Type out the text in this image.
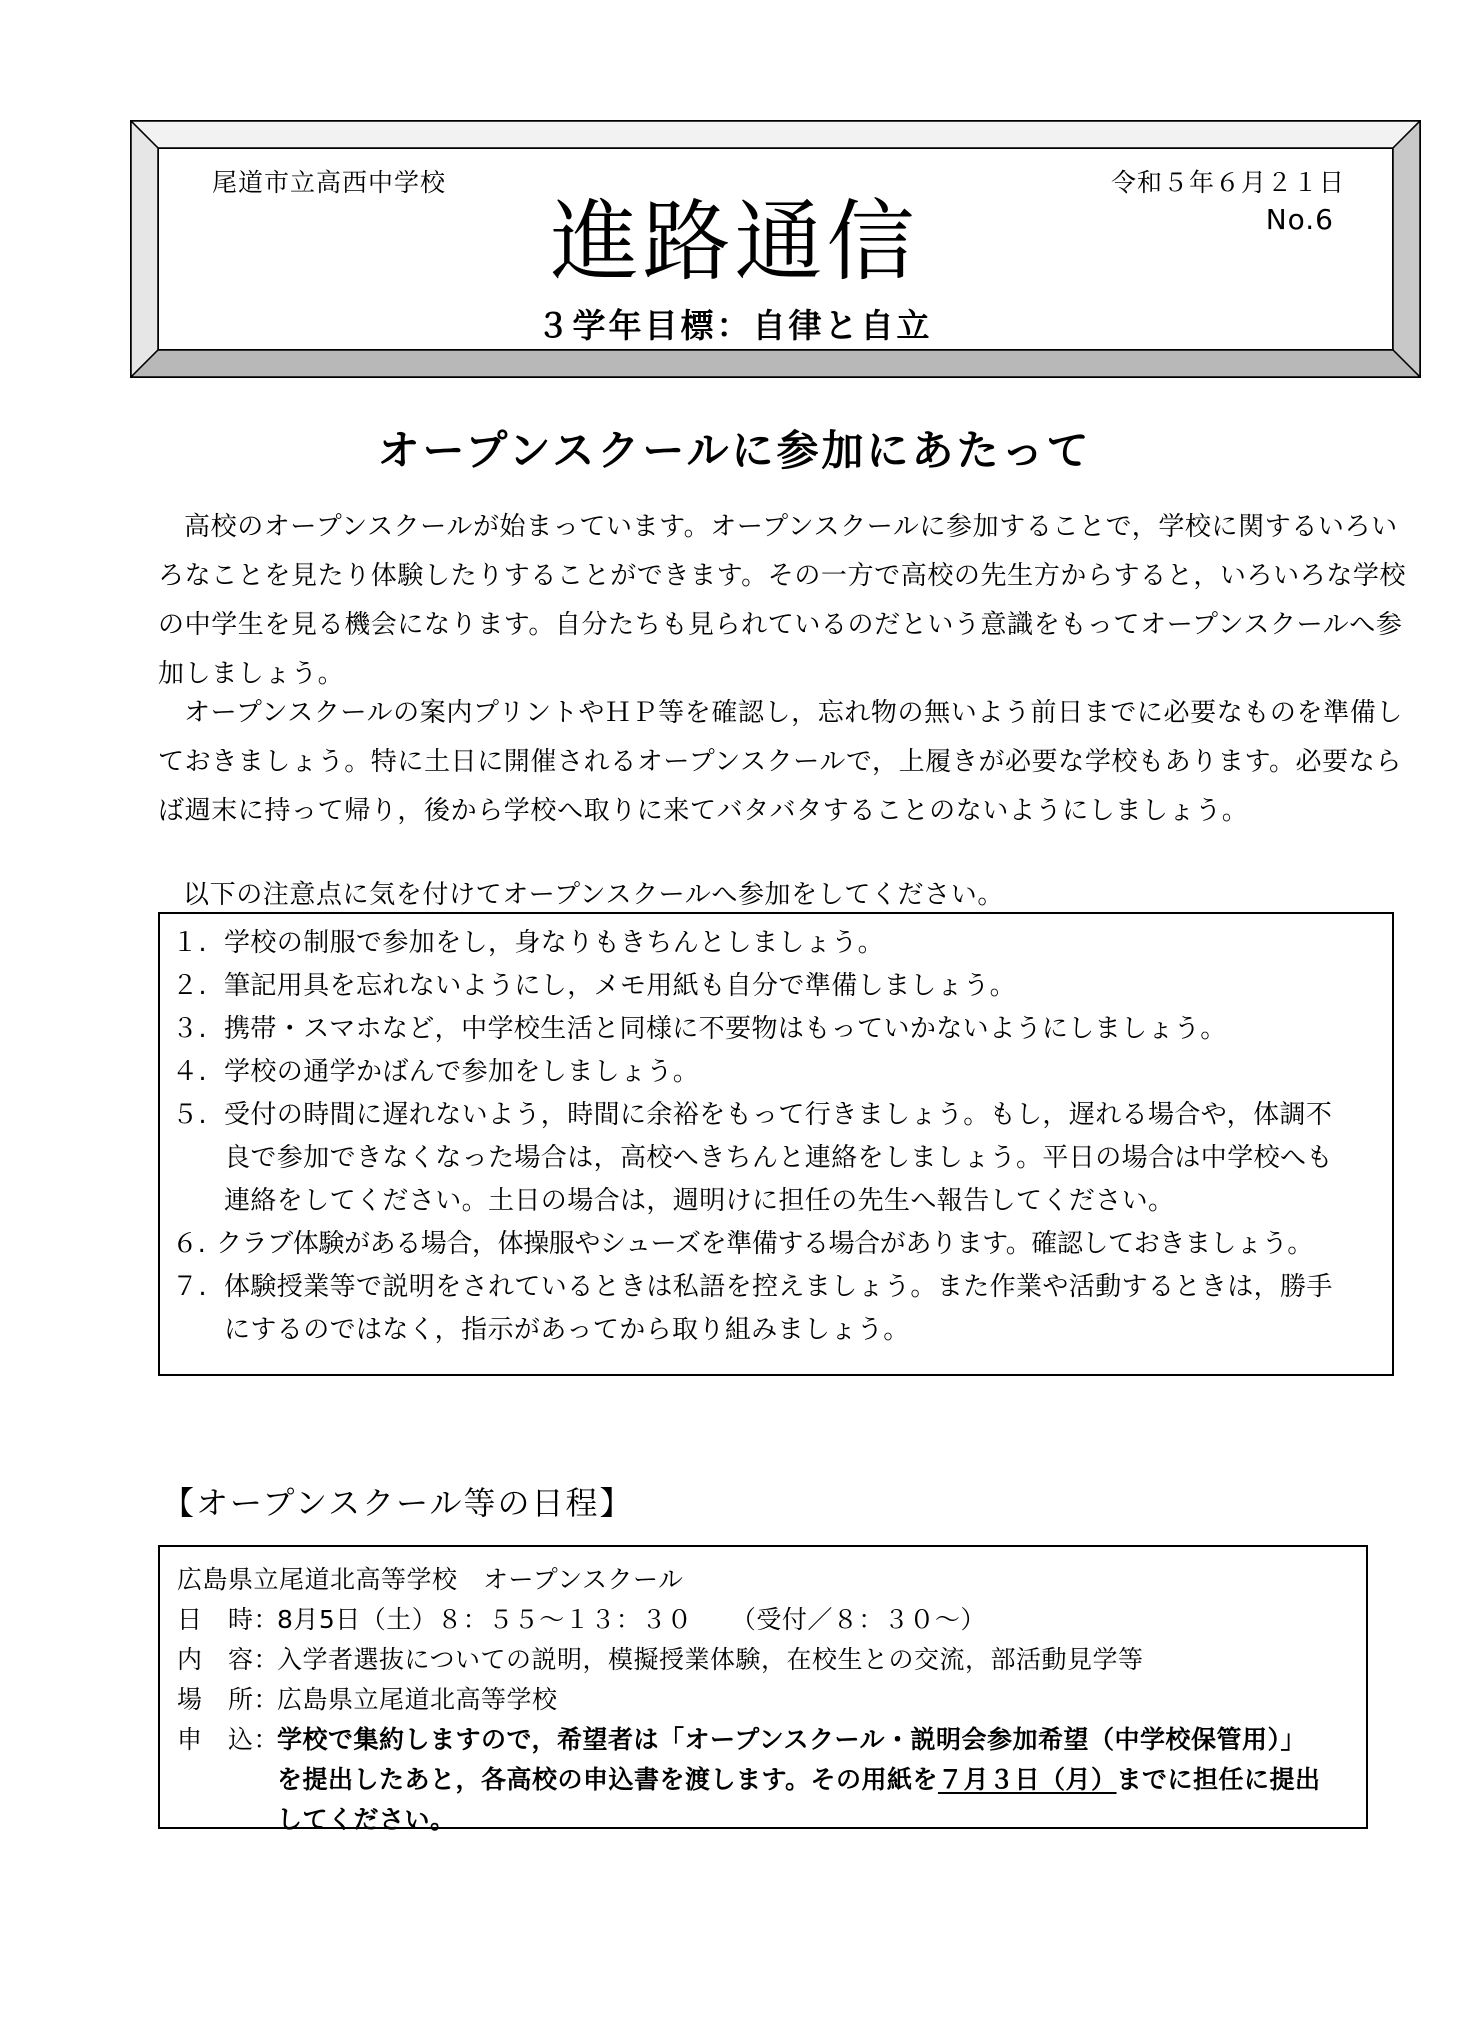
尾道市立高西中学校	令和５年６月２１日
No.6
進路通信
３学年目標：自律と自立
オープンスクールに参加にあたって
高校のオープンスクールが始まっています。オープンスクールに参加することで，学校に関するいろい
ろなことを見たり体験したりすることができます。その一方で高校の先生方からすると，いろいろな学校
の中学生を見る機会になります。自分たちも見られているのだという意識をもってオープンスクールへ参
加しましょう。
オープンスクールの案内プリントやＨＰ等を確認し，忘れ物の無いよう前日までに必要なものを準備し
ておきましょう。特に土日に開催されるオープンスクールで，上履きが必要な学校もあります。必要なら
ば週末に持って帰り，後から学校へ取りに来てバタバタすることのないようにしましょう。
以下の注意点に気を付けてオープンスクールへ参加をしてください。
１. 学校の制服で参加をし，身なりもきちんとしましょう。
２. 筆記用具を忘れないようにし，メモ用紙も自分で準備しましょう。
３. 携帯・スマホなど，中学校生活と同様に不要物はもっていかないようにしましょう。
４. 学校の通学かばんで参加をしましょう。
５. 受付の時間に遅れないよう，時間に余裕をもって行きましょう。もし，遅れる場合や，体調不
良で参加できなくなった場合は，高校へきちんと連絡をしましょう。平日の場合は中学校へも
連絡をしてください。土日の場合は，週明けに担任の先生へ報告してください。
６. クラブ体験がある場合，体操服やシューズを準備する場合があります。確認しておきましょう。
７. 体験授業等で説明をされているときは私語を控えましょう。また作業や活動するときは，勝手
にするのではなく，指示があってから取り組みましょう。
【オープンスクール等の日程】
広島県立尾道北高等学校　オープンスクール
日　時：8月5日（土）８：５５～１３：３０　　（受付／８：３０～）
内　容：入学者選抜についての説明，模擬授業体験，在校生との交流，部活動見学等
場　所：広島県立尾道北高等学校
申　込：学校で集約しますので，希望者は「オープンスクール・説明会参加希望（中学校保管用）」
を提出したあと，各高校の申込書を渡します。その用紙を７月３日（月）までに担任に提出
してください。
